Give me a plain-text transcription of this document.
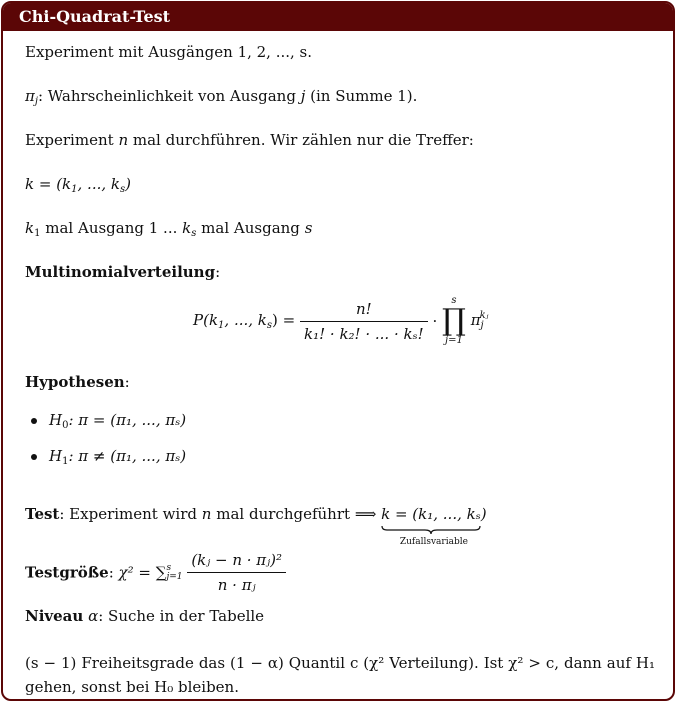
Chi-Quadrat-Test
Experiment mit Ausgängen 1, 2, ..., s.
$\pi_j$: Wahrscheinlichkeit von Ausgang j (in Summe 1).
Experiment n mal durchführen. Wir zählen nur die Treffer:
$k = (k_1$, ..., $k_s$)
$k_1$ mal Ausgang 1 ... $k_s$ mal Ausgang s
Multinomialverteilung:
$P(k_1$, ..., $k_s) = \frac{n!}{\text{k₁! · k₂! · ... · kₛ!}}$ ·
s
∏
j=1
$\pi_j^{kⱼ}$
Hypothesen:
$H_0$: π = (π₁, ..., πₛ)
$H_1$: π ≠ (π₁, ..., πₛ)
Test: Experiment wird n mal durchgeführt ⟹ k = (k₁, ..., kₛ)
Zufallsvariable
Testgröße: χ² = ∑ s
j=1
$\frac{\text{(kⱼ − n · πⱼ)²}}{\text{n · πⱼ}}$
Niveau α: Suche in der Tabelle
(s − 1) Freiheitsgrade das (1 − α) Quantil c (χ² Verteilung). Ist χ² > c, dann auf H₁ gehen, sonst bei H₀ bleiben.
